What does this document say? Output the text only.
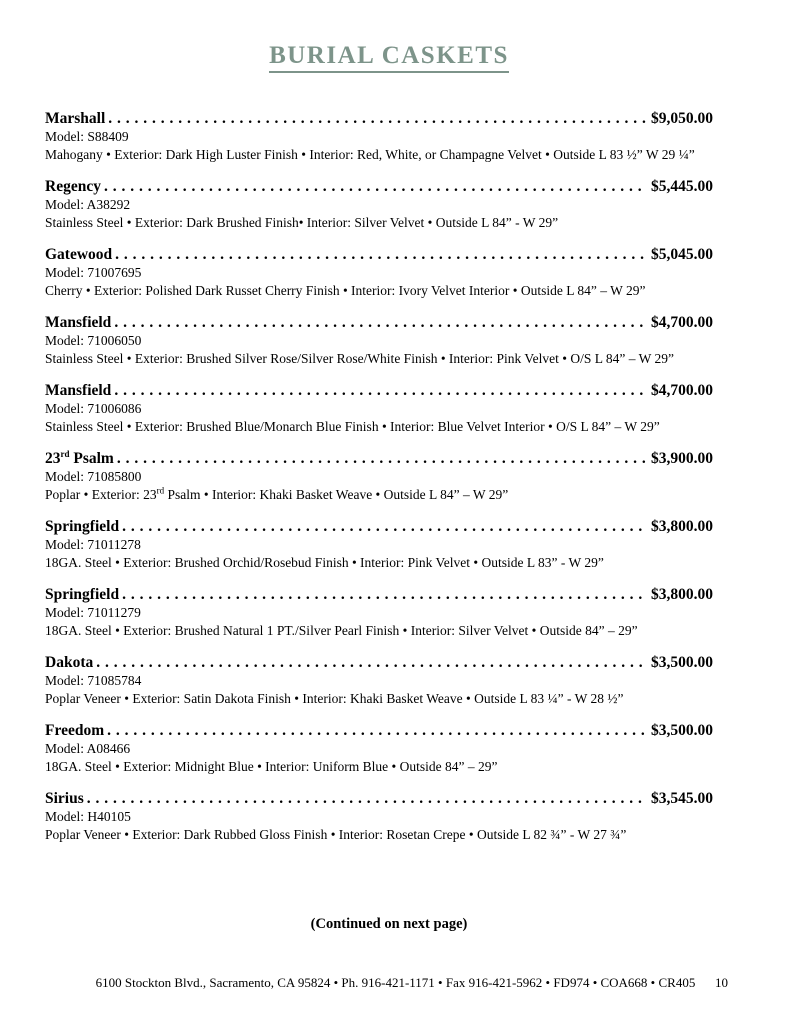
BURIAL CASKETS
Marshall . . .	$9,050.00
Model: S88409
Mahogany • Exterior: Dark High Luster Finish • Interior: Red, White, or Champagne Velvet • Outside L 83 ½” W 29 ¼”
Regency . . .	$5,445.00
Model: A38292
Stainless Steel • Exterior: Dark Brushed Finish• Interior: Silver Velvet • Outside L 84” - W 29”
Gatewood . . .	$5,045.00
Model: 71007695
Cherry • Exterior: Polished Dark Russet Cherry Finish • Interior: Ivory Velvet Interior • Outside L 84” – W 29”
Mansfield . . .	$4,700.00
Model: 71006050
Stainless Steel • Exterior: Brushed Silver Rose/Silver Rose/White Finish • Interior: Pink Velvet • O/S L 84” – W 29”
Mansfield . . .	$4,700.00
Model: 71006086
Stainless Steel • Exterior: Brushed Blue/Monarch Blue Finish • Interior: Blue Velvet Interior • O/S L 84” – W 29”
23rd Psalm . . .	$3,900.00
Model: 71085800
Poplar • Exterior: 23rd Psalm • Interior: Khaki Basket Weave • Outside L 84” – W 29”
Springfield . . .	$3,800.00
Model: 71011278
18GA. Steel • Exterior: Brushed Orchid/Rosebud Finish • Interior: Pink Velvet • Outside L 83” - W 29”
Springfield . . .	$3,800.00
Model: 71011279
18GA. Steel • Exterior: Brushed Natural 1 PT./Silver Pearl Finish • Interior: Silver Velvet • Outside 84” – 29”
Dakota . . .	$3,500.00
Model: 71085784
Poplar Veneer • Exterior: Satin Dakota Finish • Interior: Khaki Basket Weave • Outside L 83 ¼” - W 28 ½”
Freedom . . .	$3,500.00
Model: A08466
18GA. Steel • Exterior: Midnight Blue • Interior: Uniform Blue • Outside 84” – 29”
Sirius . . .	$3,545.00
Model: H40105
Poplar Veneer • Exterior: Dark Rubbed Gloss Finish • Interior: Rosetan Crepe • Outside L 82 ¾” - W 27 ¾”
(Continued on next page)
6100 Stockton Blvd., Sacramento, CA 95824 • Ph. 916-421-1171 • Fax 916-421-5962 • FD974 • COA668 • CR405	10
